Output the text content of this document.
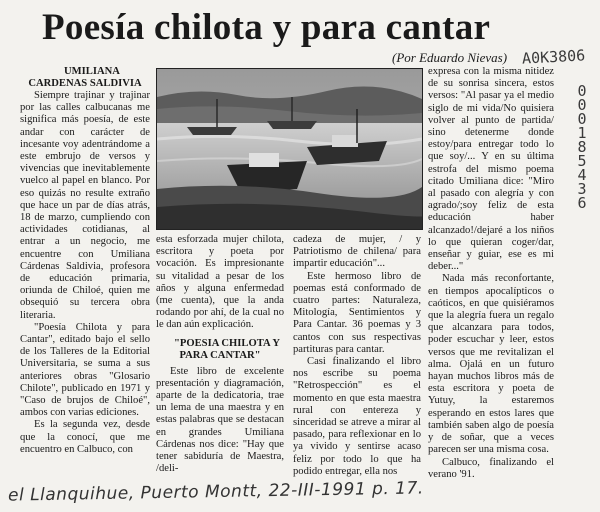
Poesía chilota y para cantar
(Por Eduardo Nievas) A0K3806
000185436

UMILIANA CARDENAS SALDIVIA

Siempre trajinar y trajinar por las calles calbucanas me significa más poesía, de este andar con carácter de incesante voy adentrándome a este embrujo de versos y vivencias que inevitablemente vuelco al papel en blanco. Por eso quizás no resulte extraño que hace un par de días atrás, 18 de marzo, cumpliendo con actividades cotidianas, al entrar a un negocio, me encuentre con Umiliana Cárdenas Saldivia, profesora de educación primaria, oriunda de Chiloé, quien me obsequió su tercera obra literaria.

"Poesía Chilota y para Cantar", editado bajo el sello de los Talleres de la Editorial Universitaria, se suma a sus anteriores obras "Glosario Chilote", publicado en 1971 y "Caso de brujos de Chiloé", ambos con varias ediciones.

Es la segunda vez, desde que la conocí, que me encuentro en Calbuco, con

esta esforzada mujer chilota, escritora y poeta por vocación. Es impresionante su vitalidad a pesar de los años y alguna enfermedad (me cuenta), que la anda rodando por ahí, de la cual no le dan aún explicación.

"POESIA CHILOTA Y PARA CANTAR"

Este libro de excelente presentación y diagramación, aparte de la dedicatoria, trae un lema de una maestra y en estas palabras que se destacan en grandes Umiliana Cárdenas nos dice: "Hay que tener sabiduría de Maestra, /deli-

cadeza de mujer, / y Patriotismo de chilena/ para impartir educación"...

Este hermoso libro de poemas está conformado de cuatro partes: Naturaleza, Mitología, Sentimientos y Para Cantar. 36 poemas y 3 cantos con sus respectivas partituras para cantar.

Casi finalizando el libro nos escribe su poema "Retrospección" es el momento en que esta maestra rural con entereza y sinceridad se atreve a mirar al pasado, para reflexionar en lo ya vivido y sentirse acaso feliz por todo lo que ha podido entregar, ella nos

expresa con la misma nitidez de su sonrisa sincera, estos versos: "Al pasar ya el medio siglo de mi vida/No quisiera volver al punto de partida/ sino detenerme donde estoy/para entregar todo lo que soy/... Y en su última estrofa del mismo poema citado Umiliana dice: "Miro al pasado con alegría y con agrado/;soy feliz de esta educación haber alcanzado!/dejaré a los niños lo que quieran coger/dar, enseñar y guiar, ese es mi deber..."

Nada más reconfortante, en tiempos apocalípticos o caóticos, en que quisiéramos que la alegría fuera un regalo que alcanzara para todos, poder escuchar y leer, estos versos que me revitalizan el alma. Ojalá en un futuro hayan muchos libros más de esta escritora y poeta de Yutuy, la estaremos esperando en estos lares que también saben algo de poesía y de soñar, que a veces parecen ser una misma cosa.

Calbuco, finalizando el verano '91.

el Llanquihue, Puerto Montt, 22-III-1991 p. 17.
